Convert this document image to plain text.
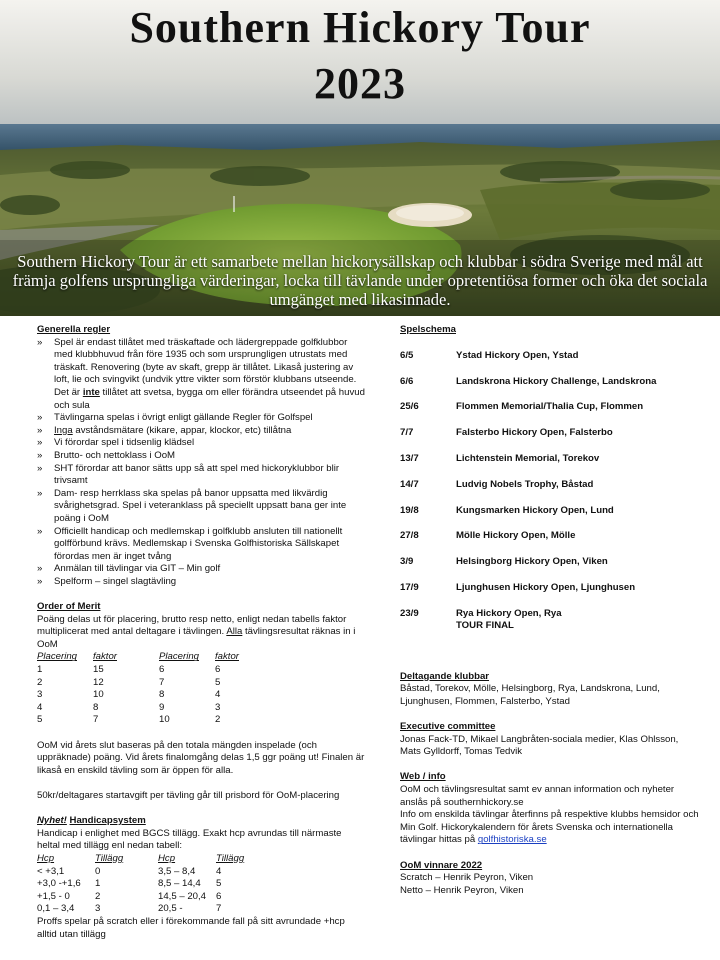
Southern Hickory Tour
2023
Southern Hickory Tour är ett samarbete mellan hickorysällskap och klubbar i södra Sverige med mål att främja golfens ursprungliga värderingar, locka till tävlande under opretentiösa former och öka det sociala umgänget med likasinnade.
Generella regler
» Spel är endast tillåtet med träskaftade och lädergreppade golfklubbor med klubbhuvud från före 1935 och som ursprungligen utrustats med träskaft. Renovering (byte av skaft, grepp är tillåtet. Likaså justering av loft, lie och svingvikt (undvik yttre vikter som förstör klubbans utseende. Det är inte tillåtet att svetsa, bygga om eller förändra utseendet på huvud och sula
» Tävlingarna spelas i övrigt enligt gällande Regler för Golfspel
» Inga avståndsmätare (kikare, appar, klockor, etc) tillåtna
» Vi förordar spel i tidsenlig klädsel
» Brutto- och nettoklass i OoM
» SHT förordar att banor sätts upp så att spel med hickoryklubbor blir trivsamt
» Dam- resp herrklass ska spelas på banor uppsatta med likvärdig svårighetsgrad. Spel i veteranklass på speciellt uppsatt bana ger inte poäng i OoM
» Officiellt handicap och medlemskap i golfklubb ansluten till nationellt golfförbund krävs. Medlemskap i Svenska Golfhistoriska Sällskapet förordas men är inget tvång
» Anmälan till tävlingar via GIT – Min golf
» Spelform – singel slagtävling
Order of Merit
Poäng delas ut för placering, brutto resp netto, enligt nedan tabells faktor multiplicerat med antal deltagare i tävlingen. Alla tävlingsresultat räknas in i OoM
Placering	faktor	Placering	faktor
1	15	6	6
2	12	7	5
3	10	8	4
4	8	9	3
5	7	10	2
OoM vid årets slut baseras på den totala mängden inspelade (och uppräknade) poäng. Vid årets finalomgång delas 1,5 ggr poäng ut! Finalen är likaså en enskild tävling som är öppen för alla.
50kr/deltagares startavgift per tävling går till prisbord för OoM-placering
Nyhet! Handicapsystem
Handicap i enlighet med BGCS tillägg. Exakt hcp avrundas till närmaste heltal med tillägg enl nedan tabell:
Hcp	Tillägg	Hcp	Tillägg
< +3,1	0	3,5 – 8,4	4
+3,0 -+1,6	1	8,5 – 14,4	5
+1,5 - 0	2	14,5 – 20,4	6
0,1 – 3,4	3	20,5 -	7
Proffs spelar på scratch eller i förekommande fall på sitt avrundade +hcp alltid utan tillägg
Spelschema
6/5	Ystad Hickory Open, Ystad
6/6	Landskrona Hickory Challenge, Landskrona
25/6	Flommen Memorial/Thalia Cup, Flommen
7/7	Falsterbo Hickory Open, Falsterbo
13/7	Lichtenstein Memorial, Torekov
14/7	Ludvig Nobels Trophy, Båstad
19/8	Kungsmarken Hickory Open, Lund
27/8	Mölle Hickory Open, Mölle
3/9	Helsingborg Hickory Open, Viken
17/9	Ljunghusen Hickory Open, Ljunghusen
23/9	Rya Hickory Open, Rya
TOUR FINAL
Deltagande klubbar
Båstad, Torekov, Mölle, Helsingborg, Rya, Landskrona, Lund, Ljunghusen, Flommen, Falsterbo, Ystad
Executive committee
Jonas Fack-TD, Mikael Langbråten-sociala medier, Klas Ohlsson, Mats Gylldorff, Tomas Tedvik
Web / info
OoM och tävlingsresultat samt ev annan information och nyheter anslås på southernhickory.se
Info om enskilda tävlingar återfinns på respektive klubbs hemsidor och Min Golf. Hickorykalendern för årets Svenska och internationella tävlingar hittas på golfhistoriska.se
OoM vinnare 2022
Scratch – Henrik Peyron, Viken
Netto – Henrik Peyron, Viken
